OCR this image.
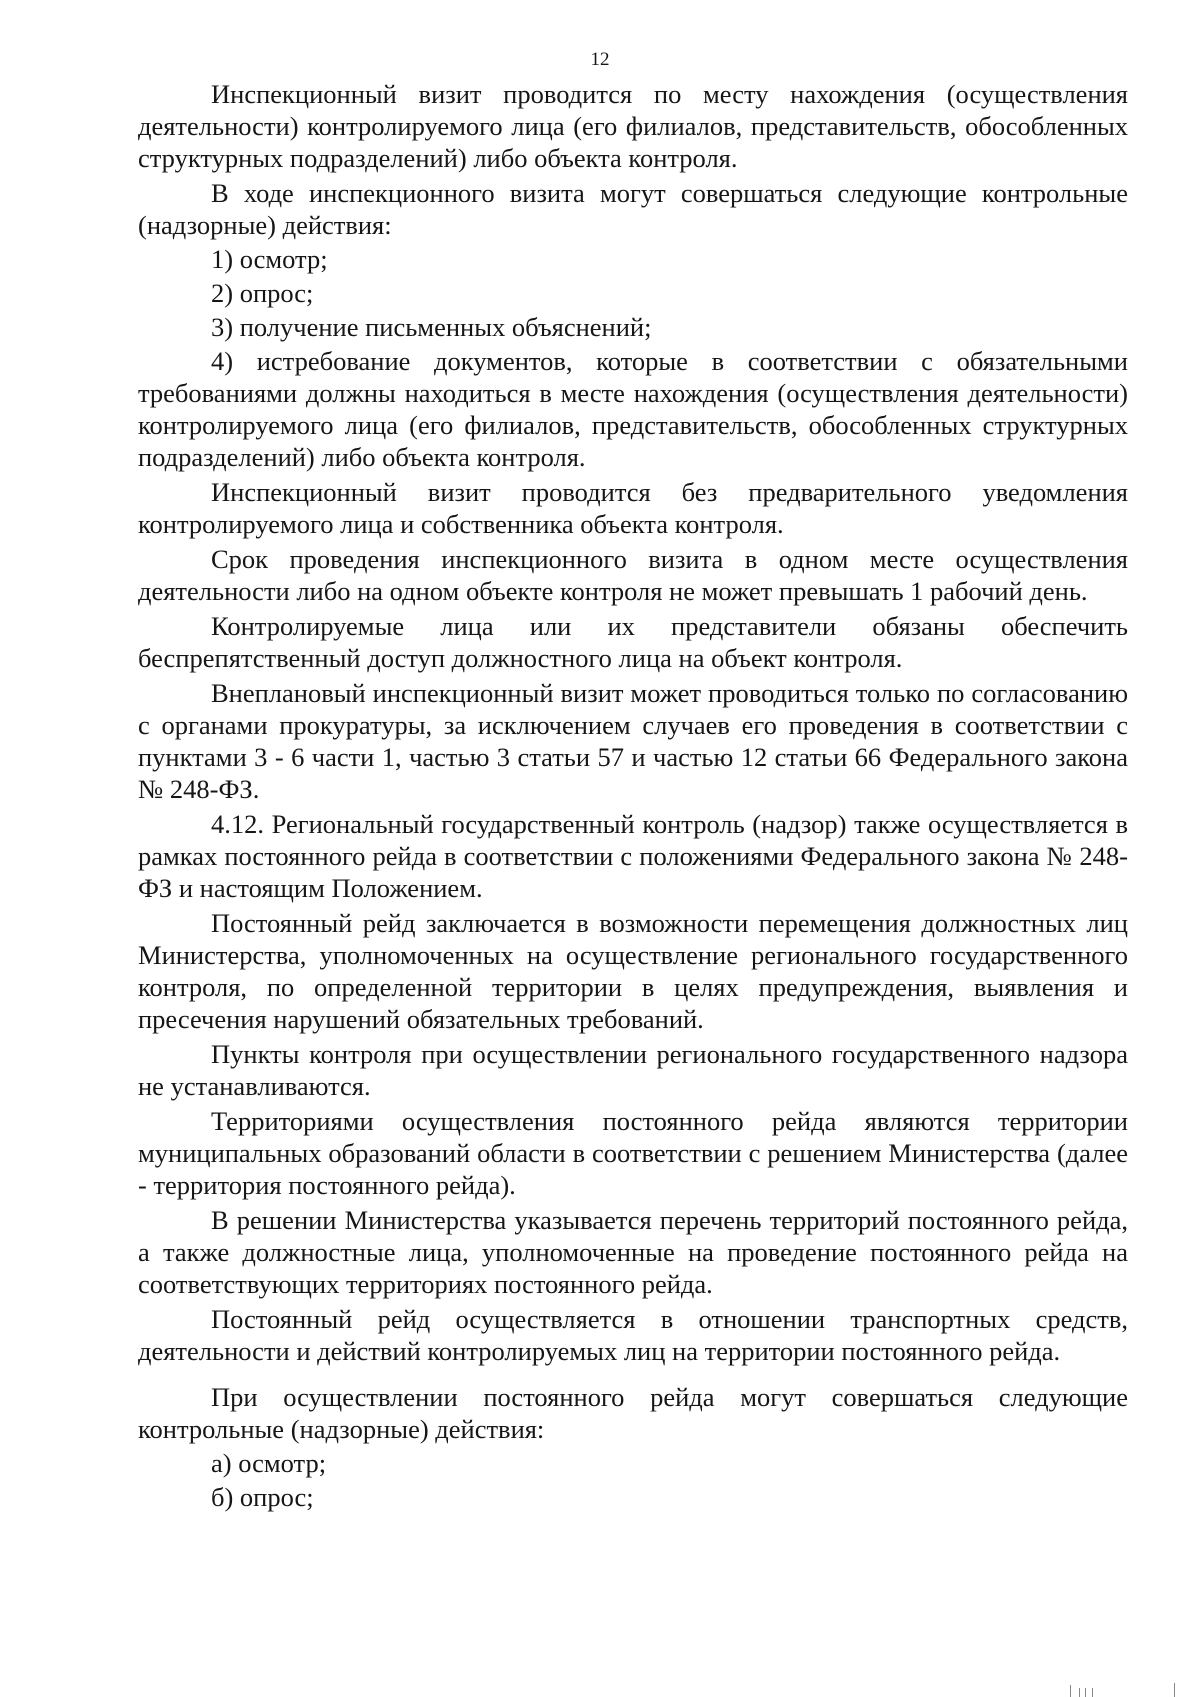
12

Инспекционный визит проводится по месту нахождения (осуществления деятельности) контролируемого лица (его филиалов, представительств, обособленных структурных подразделений) либо объекта контроля.

В ходе инспекционного визита могут совершаться следующие контрольные (надзорные) действия:

1) осмотр;

2) опрос;

3) получение письменных объяснений;

4) истребование документов, которые в соответствии с обязательными требованиями должны находиться в месте нахождения (осуществления деятельности) контролируемого лица (его филиалов, представительств, обособленных структурных подразделений) либо объекта контроля.

Инспекционный визит проводится без предварительного уведомления контролируемого лица и собственника объекта контроля.

Срок проведения инспекционного визита в одном месте осуществления деятельности либо на одном объекте контроля не может превышать 1 рабочий день.

Контролируемые лица или их представители обязаны обеспечить беспрепятственный доступ должностного лица на объект контроля.

Внеплановый инспекционный визит может проводиться только по согласованию с органами прокуратуры, за исключением случаев его проведения в соответствии с пунктами 3 - 6 части 1, частью 3 статьи 57 и частью 12 статьи 66 Федерального закона № 248-ФЗ.

4.12. Региональный государственный контроль (надзор) также осуществляется в рамках постоянного рейда в соответствии с положениями Федерального закона № 248-ФЗ и настоящим Положением.

Постоянный рейд заключается в возможности перемещения должностных лиц Министерства, уполномоченных на осуществление регионального государственного контроля, по определенной территории в целях предупреждения, выявления и пресечения нарушений обязательных требований.

Пункты контроля при осуществлении регионального государственного надзора не устанавливаются.

Территориями осуществления постоянного рейда являются территории муниципальных образований области в соответствии с решением Министерства (далее - территория постоянного рейда).

В решении Министерства указывается перечень территорий постоянного рейда, а также должностные лица, уполномоченные на проведение постоянного рейда на соответствующих территориях постоянного рейда.

Постоянный рейд осуществляется в отношении транспортных средств, деятельности и действий контролируемых лиц на территории постоянного рейда.

При осуществлении постоянного рейда могут совершаться следующие контрольные (надзорные) действия:

а) осмотр;

б) опрос;
